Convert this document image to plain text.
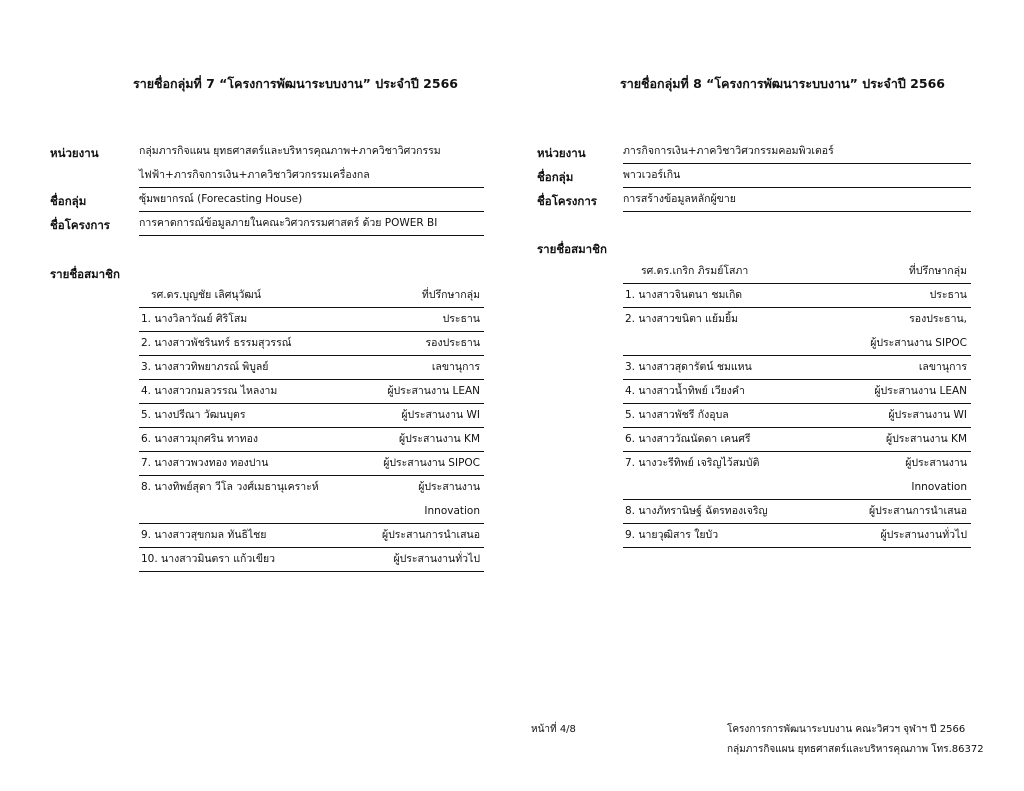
รายชื่อกลุ่มที่ 7 “โครงการพัฒนาระบบงาน” ประจำปี 2566
หน่วยงาน	กลุ่มภารกิจแผน ยุทธศาสตร์และบริหารคุณภาพ+ภาควิชาวิศวกรรม
ไฟฟ้า+ภารกิจการเงิน+ภาควิชาวิศวกรรมเครื่องกล
ชื่อกลุ่ม	ซุ้มพยากรณ์ (Forecasting House)
ชื่อโครงการ	การคาดการณ์ข้อมูลภายในคณะวิศวกรรมศาสตร์ ด้วย POWER BI
รายชื่อสมาชิก
รศ.ดร.บุญชัย เลิศนุวัฒน์	ที่ปรึกษากลุ่ม
1. นางวิลาวัณย์ ศิริโสม	ประธาน
2. นางสาวพัชรินทร์ ธรรมสุวรรณ์	รองประธาน
3. นางสาวทิพยาภรณ์ พิบูลย์	เลขานุการ
4. นางสาวกมลวรรณ ไหลงาม	ผู้ประสานงาน LEAN
5. นางปรีณา วัฒนบุตร	ผู้ประสานงาน WI
6. นางสาวมุกศริน ทาทอง	ผู้ประสานงาน KM
7. นางสาวพวงทอง ทองปาน	ผู้ประสานงาน SIPOC
8. นางทิพย์สุดา วีโล วงศ์เมธานุเคราะห์	ผู้ประสานงาน
Innovation
9. นางสาวสุขกมล ทันธิไชย	ผู้ประสานการนำเสนอ
10. นางสาวมินตรา แก้วเขียว	ผู้ประสานงานทั่วไป
รายชื่อกลุ่มที่ 8 “โครงการพัฒนาระบบงาน” ประจำปี 2566
หน่วยงาน	ภารกิจการเงิน+ภาควิชาวิศวกรรมคอมพิวเตอร์
ชื่อกลุ่ม	พาวเวอร์เกิน
ชื่อโครงการ การสร้างข้อมูลหลักผู้ขาย
รายชื่อสมาชิก
รศ.ดร.เกริก ภิรมย์โสภา	ที่ปรึกษากลุ่ม
1. นางสาวจินตนา ชมเกิด	ประธาน
2. นางสาวขนิตา แย้มยิ้ม	รองประธาน,
ผู้ประสานงาน SIPOC
3. นางสาวสุดารัตน์ ชมแหน	เลขานุการ
4. นางสาวน้ำทิพย์ เวียงคำ	ผู้ประสานงาน LEAN
5. นางสาวพัชรี กังอุบล	ผู้ประสานงาน WI
6. นางสาววัณนัดดา เคนศรี	ผู้ประสานงาน KM
7. นางวะรีทิพย์ เจริญไว้สมบัติ	ผู้ประสานงาน
Innovation
8. นางภัทรานิษฐ์ ฉัตรทองเจริญ	ผู้ประสานการนำเสนอ
9. นายวุฒิสาร ใยบัว	ผู้ประสานงานทั่วไป
หน้าที่ 4/8	โครงการการพัฒนาระบบงาน คณะวิศวฯ จุฬาฯ ปี 2566
กลุ่มภารกิจแผน ยุทธศาสตร์และบริหารคุณภาพ โทร.86372
